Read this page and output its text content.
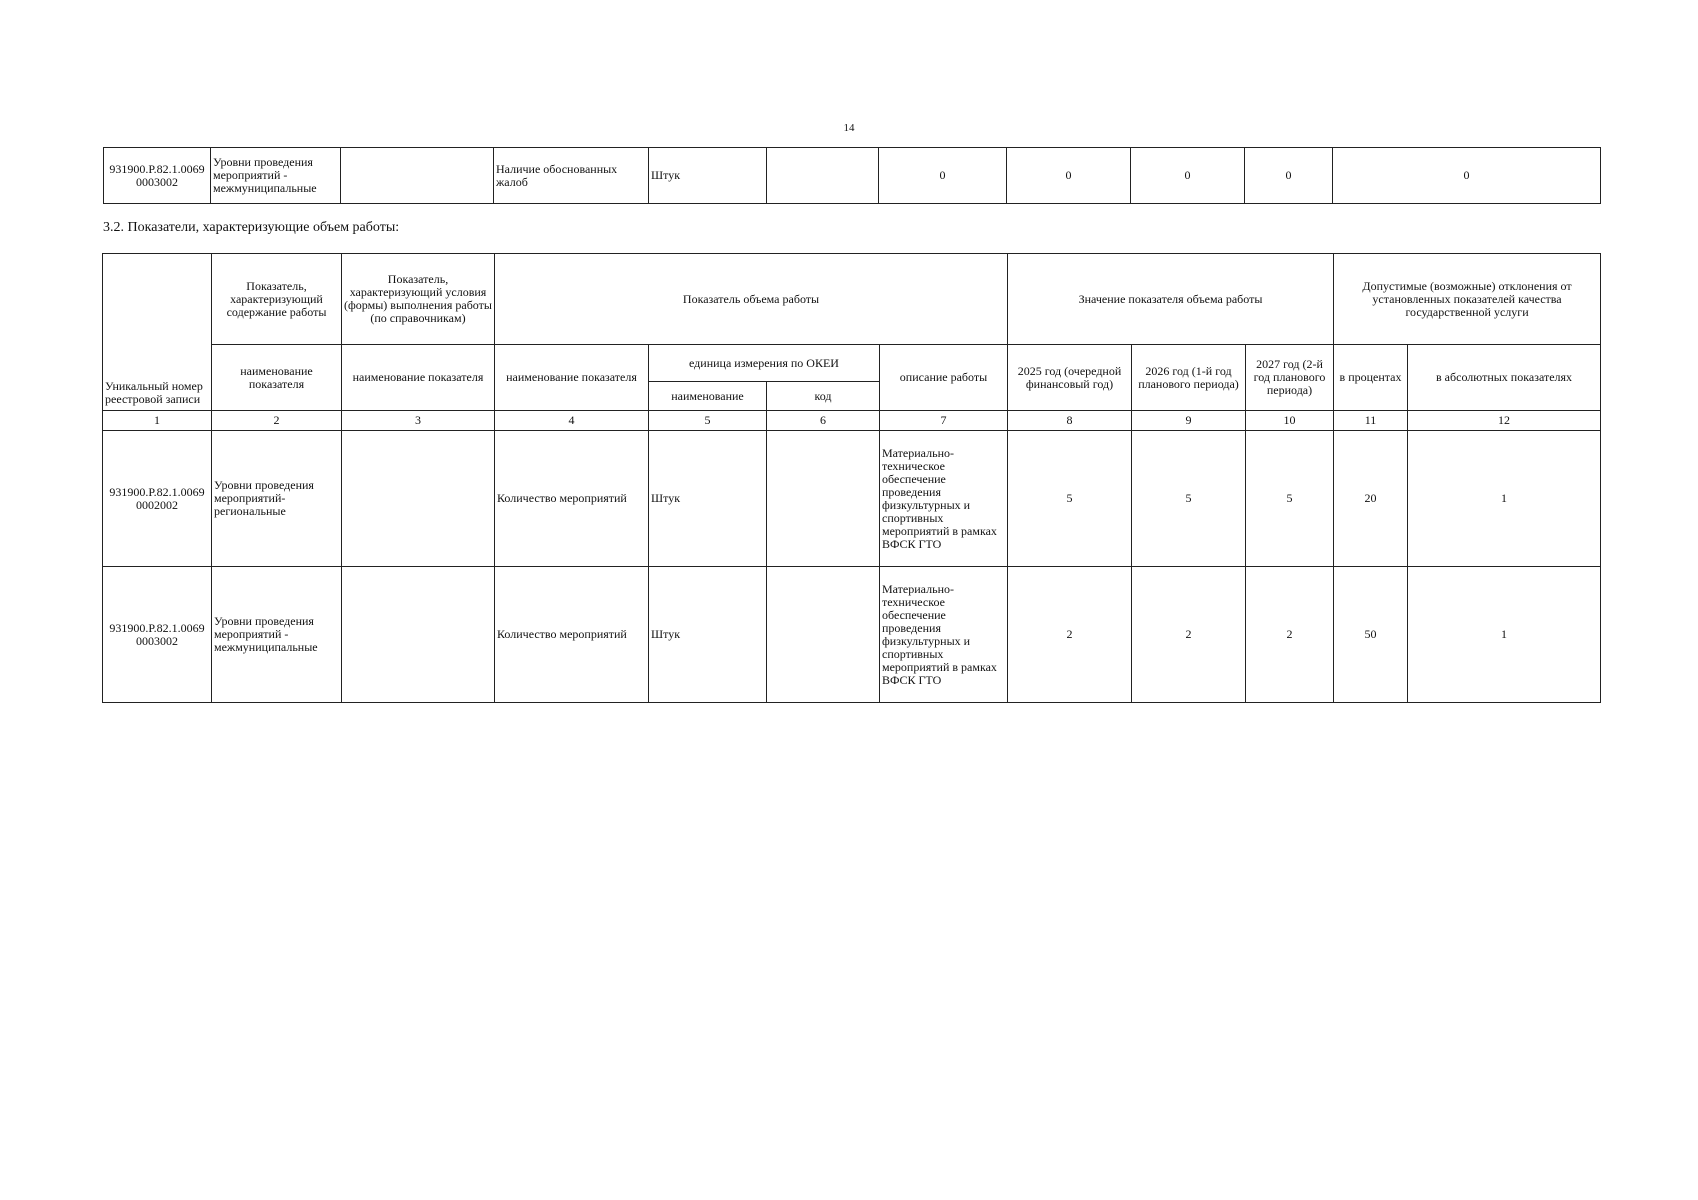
14
931900.Р.82.1.0069 0003002	Уровни проведения мероприятий - межмуниципальные		Наличие обоснованных жалоб	Штук		0	0	0	0	0
3.2. Показатели, характеризующие объем работы:
Уникальный номер реестровой записи	Показатель, характеризующий содержание работы	Показатель, характеризующий условия (формы) выполнения работы (по справочникам)	Показатель объема работы				Значение показателя объема работы			Допустимые (возможные) отклонения от установленных показателей качества государственной услуги	
	наименование показателя	наименование показателя	наименование показателя	единица измерения по ОКЕИ		описание работы	2025 год (очередной финансовый год)	2026 год (1-й год планового периода)	2027 год (2-й год планового периода)	в процентах	в абсолютных показателях
				наименование	код						
1	2	3	4	5	6	7	8	9	10	11	12
931900.Р.82.1.0069 0002002	Уровни проведения мероприятий- региональные		Количество мероприятий	Штук		Материально-техническое обеспечение проведения физкультурных и спортивных мероприятий в рамках ВФСК ГТО	5	5	5	20	1
931900.Р.82.1.0069 0003002	Уровни проведения мероприятий - межмуниципальные		Количество мероприятий	Штук		Материально-техническое обеспечение проведения физкультурных и спортивных мероприятий в рамках ВФСК ГТО	2	2	2	50	1
